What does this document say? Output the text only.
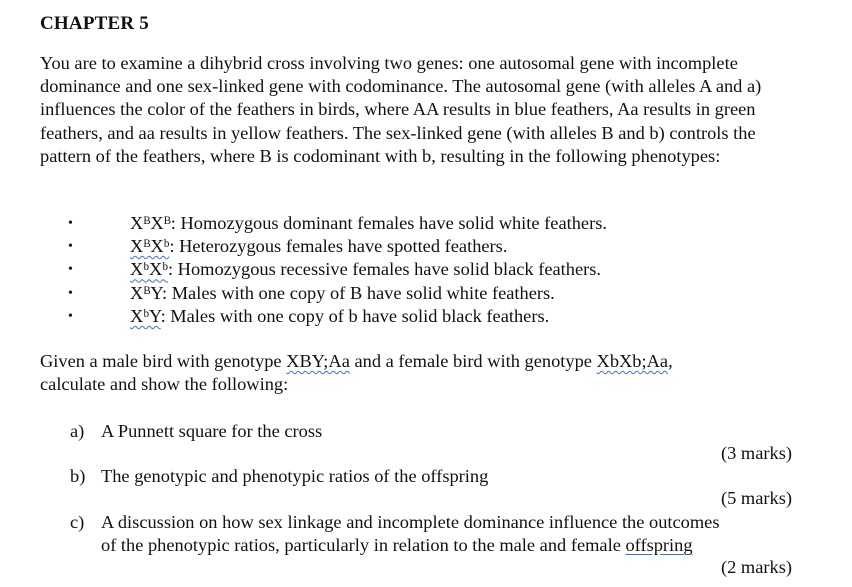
CHAPTER 5

You are to examine a dihybrid cross involving two genes: one autosomal gene with incomplete dominance and one sex-linked gene with codominance. The autosomal gene (with alleles A and a) influences the color of the feathers in birds, where AA results in blue feathers, Aa results in green feathers, and aa results in yellow feathers. The sex-linked gene (with alleles B and b) controls the pattern of the feathers, where B is codominant with b, resulting in the following phenotypes:

•	XᴮXᴮ: Homozygous dominant females have solid white feathers.
•	XᴮXᵇ: Heterozygous females have spotted feathers.
•	XᵇXᵇ: Homozygous recessive females have solid black feathers.
•	XᴮY: Males with one copy of B have solid white feathers.
•	XᵇY: Males with one copy of b have solid black feathers.

Given a male bird with genotype XBY;Aa and a female bird with genotype XbXb;Aa,
calculate and show the following:

a) A Punnett square for the cross
(3 marks)
b) The genotypic and phenotypic ratios of the offspring
(5 marks)
c) A discussion on how sex linkage and incomplete dominance influence the outcomes
of the phenotypic ratios, particularly in relation to the male and female offspring
(2 marks)
